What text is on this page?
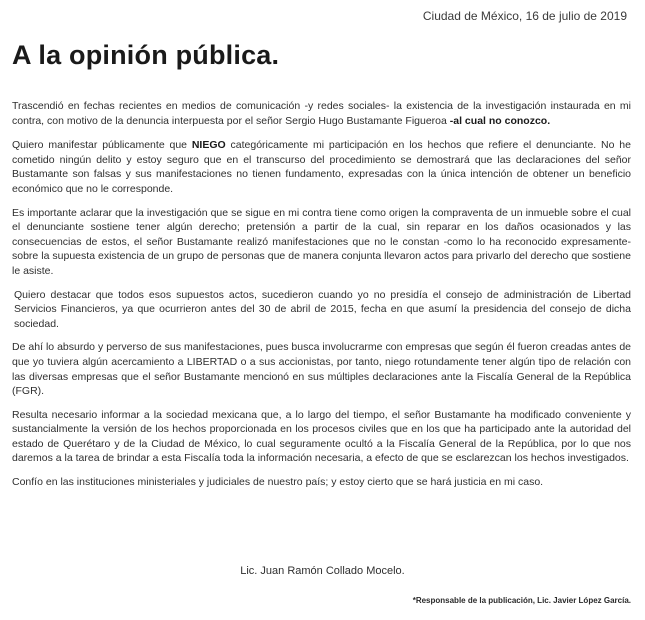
Ciudad de México, 16 de julio de 2019
A la opinión pública.

Trascendió en fechas recientes en medios de comunicación -y redes sociales- la existencia de la investigación instaurada en mi contra, con motivo de la denuncia interpuesta por el señor Sergio Hugo Bustamante Figueroa -al cual no conozco.

Quiero manifestar públicamente que NIEGO categóricamente mi participación en los hechos que refiere el denunciante. No he cometido ningún delito y estoy seguro que en el transcurso del procedimiento se demostrará que las declaraciones del señor Bustamante son falsas y sus manifestaciones no tienen fundamento, expresadas con la única intención de obtener un beneficio económico que no le corresponde.

Es importante aclarar que la investigación que se sigue en mi contra tiene como origen la compraventa de un inmueble sobre el cual el denunciante sostiene tener algún derecho; pretensión a partir de la cual, sin reparar en los daños ocasionados y las consecuencias de estos, el señor Bustamante realizó manifestaciones que no le constan -como lo ha reconocido expresamente- sobre la supuesta existencia de un grupo de personas que de manera conjunta llevaron actos para privarlo del derecho que sostiene le asiste.

Quiero destacar que todos esos supuestos actos, sucedieron cuando yo no presidía el consejo de administración de Libertad Servicios Financieros, ya que ocurrieron antes del 30 de abril de 2015, fecha en que asumí la presidencia del consejo de dicha sociedad.

De ahí lo absurdo y perverso de sus manifestaciones, pues busca involucrarme con empresas que según él fueron creadas antes de que yo tuviera algún acercamiento a LIBERTAD o a sus accionistas, por tanto, niego rotundamente tener algún tipo de relación con las diversas empresas que el señor Bustamante mencionó en sus múltiples declaraciones ante la Fiscalía General de la República (FGR).

Resulta necesario informar a la sociedad mexicana que, a lo largo del tiempo, el señor Bustamante ha modificado conveniente y sustancialmente la versión de los hechos proporcionada en los procesos civiles que en los que ha participado ante la autoridad del estado de Querétaro y de la Ciudad de México, lo cual seguramente ocultó a la Fiscalía General de la República, por lo que nos daremos a la tarea de brindar a esta Fiscalía toda la información necesaria, a efecto de que se esclarezcan los hechos investigados.

Confío en las instituciones ministeriales y judiciales de nuestro país; y estoy cierto que se hará justicia en mi caso.

Lic. Juan Ramón Collado Mocelo.
*Responsable de la publicación, Lic. Javier López García.
